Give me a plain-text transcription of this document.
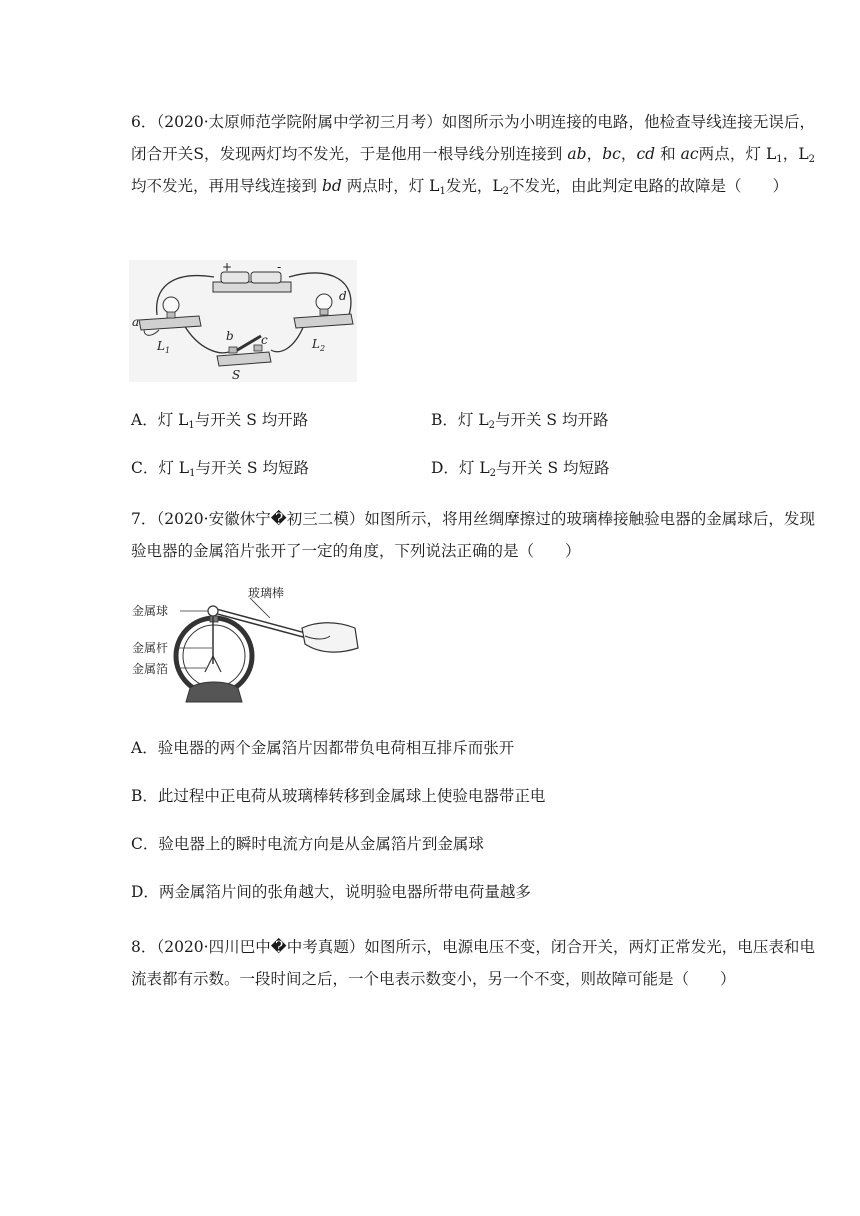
6．（2020·太原师范学院附属中学初三月考）如图所示为小明连接的电路，他检查导线连接无误后，闭合开关S，发现两灯均不发光，于是他用一根导线分别连接到 ab，bc，cd 和 ac两点，灯 $L_1$，$L_2$均不发光，再用导线连接到 bd 两点时，灯 $L_1$发光，$L_2$不发光，由此判定电路的故障是（　　）
+	-
a
b c
d
$L_1$	$L_2$
S
A．灯 $L_1$与开关 S 均开路	B．灯 $L_2$与开关 S 均开路
C．灯 $L_1$与开关 S 均短路	D．灯 $L_2$与开关 S 均短路
7．（2020·安徽休宁�初三二模）如图所示，将用丝绸摩擦过的玻璃棒接触验电器的金属球后，发现验电器的金属箔片张开了一定的角度，下列说法正确的是（　　）
金属球
玻璃棒
金属杆
金属箔
A．验电器的两个金属箔片因都带负电荷相互排斥而张开
B．此过程中正电荷从玻璃棒转移到金属球上使验电器带正电
C．验电器上的瞬时电流方向是从金属箔片到金属球
D．两金属箔片间的张角越大，说明验电器所带电荷量越多
8．（2020·四川巴中�中考真题）如图所示，电源电压不变，闭合开关，两灯正常发光，电压表和电流表都有示数。一段时间之后，一个电表示数变小，另一个不变，则故障可能是（　　）
